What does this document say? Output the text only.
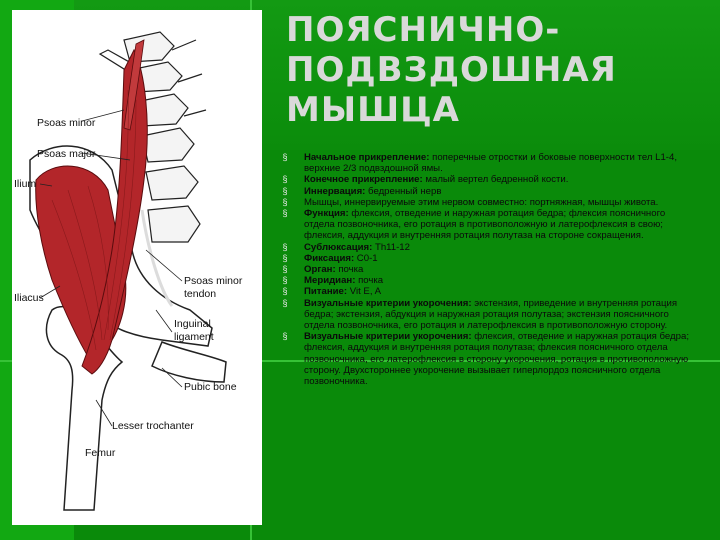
Psoas minor
Psoas major
Ilium
Iliacus
Psoas minor
tendon
Inguinal
ligament
Pubic bone
Lesser trochanter
Femur
ПОЯСНИЧНО-
ПОДВЗДОШНАЯ
МЫШЦА
§	Начальное прикрепление: поперечные отростки и боковые поверхности тел L1-4, верхние 2/3 подвздошной ямы.
§	Конечное прикрепление: малый вертел бедренной кости.
§	Иннервация: бедренный нерв
§	Мышцы, иннервируемые этим нервом совместно: портняжная, мышцы живота.
§	Функция: флексия, отведение и наружная ротация бедра; флексия поясничного отдела позвоночника, его ротация в противоположную и латерофлексия в свою; флексия, аддукция и внутренняя ротация полутаза на стороне сокращения.
§	Сублюксация: Th11-12
§	Фиксация: C0-1
§	Орган: почка
§	Меридиан: почка
§	Питание: Vit E, A
§	Визуальные критерии укорочения: экстензия, приведение и внутренняя ротация бедра; экстензия, абдукция и наружная ротация полутаза; экстензия поясничного отдела позвоночника, его ротация и латерофлексия в противоположную сторону.
§	Визуальные критерии укорочения: флексия, отведение и наружная ротация бедра; флексия, аддукция и внутренняя ротация полутаза; флексия поясничного отдела позвоночника, его латерофлексия в сторону укорочения, ротация в противоположную сторону. Двухстороннее укорочение вызывает гиперлордоз поясничного отдела позвоночника.
